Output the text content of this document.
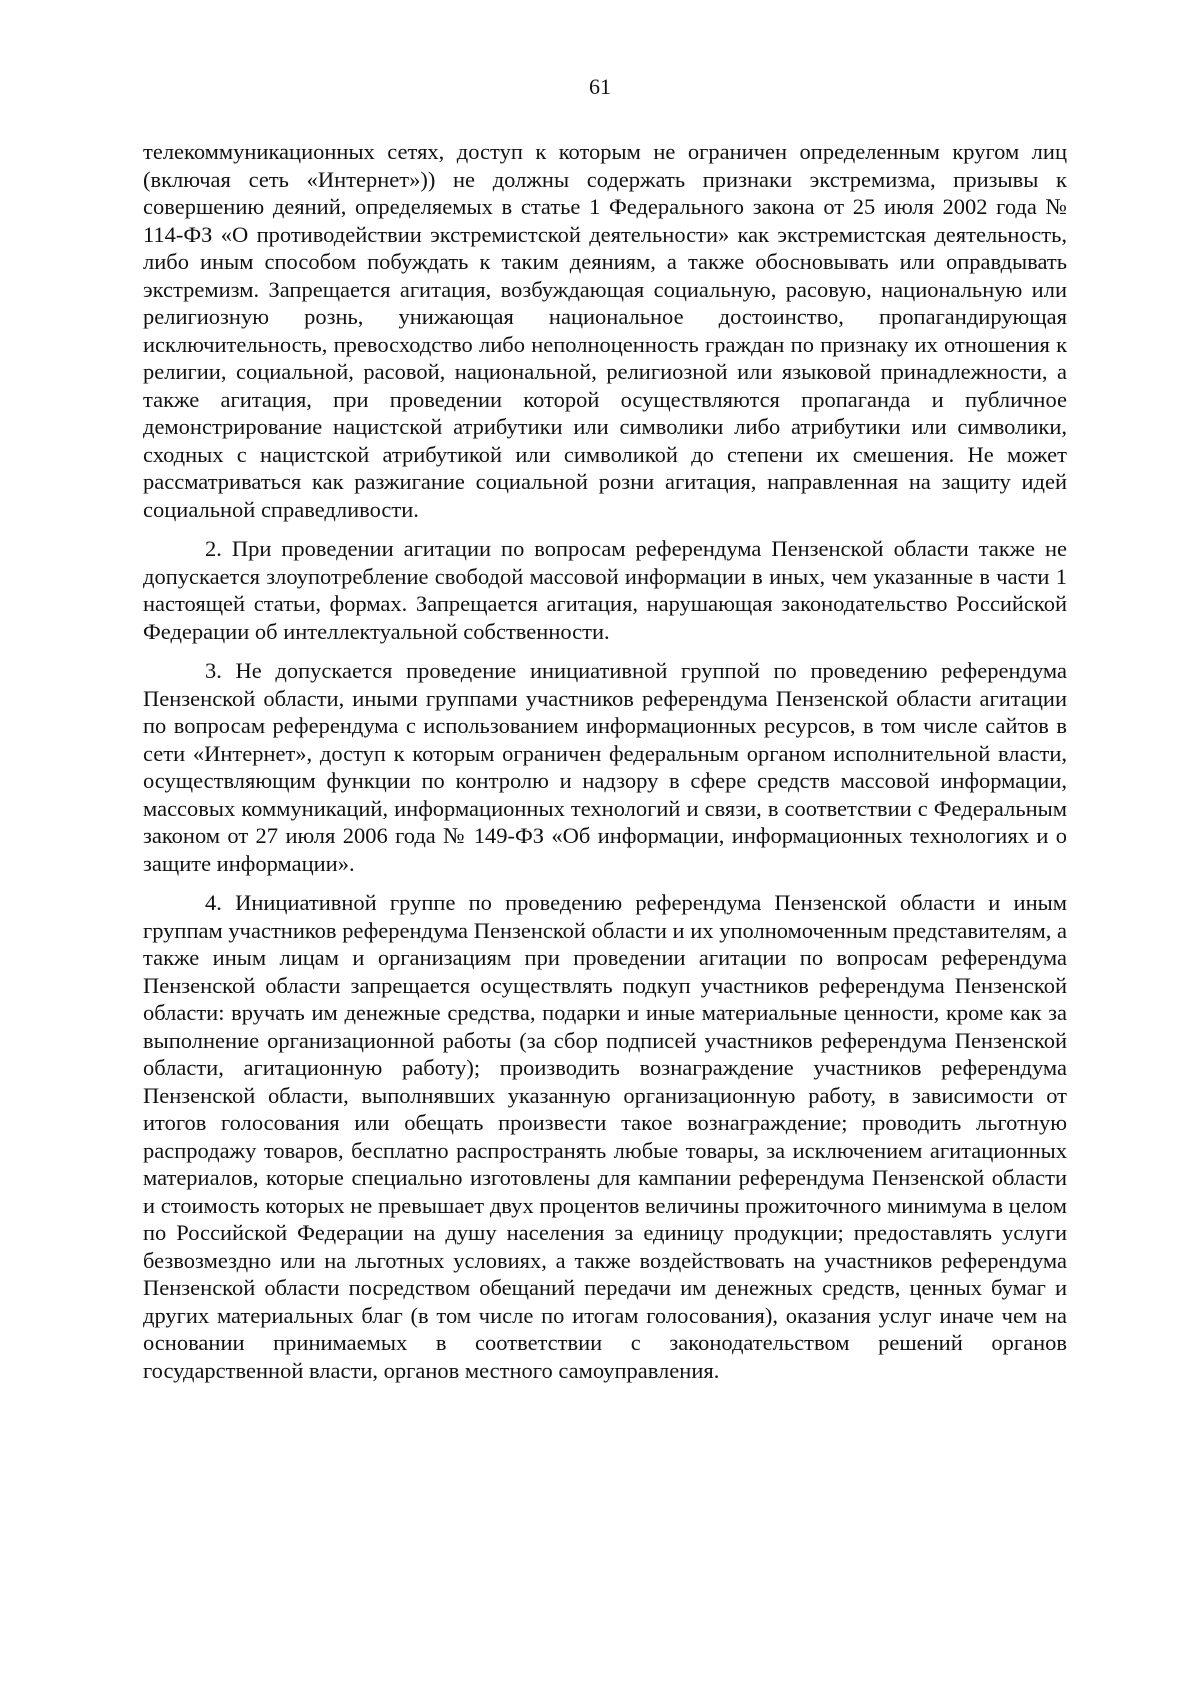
61

телекоммуникационных сетях, доступ к которым не ограничен определенным кругом лиц (включая сеть «Интернет»)) не должны содержать признаки экстремизма, призывы к совершению деяний, определяемых в статье 1 Федерального закона от 25 июля 2002 года № 114-ФЗ «О противодействии экстремистской деятельности» как экстремистская деятельность, либо иным способом побуждать к таким деяниям, а также обосновывать или оправдывать экстремизм. Запрещается агитация, возбуждающая социальную, расовую, национальную или религиозную рознь, унижающая национальное достоинство, пропагандирующая исключительность, превосходство либо неполноценность граждан по признаку их отношения к религии, социальной, расовой, национальной, религиозной или языковой принадлежности, а также агитация, при проведении которой осуществляются пропаганда и публичное демонстрирование нацистской атрибутики или символики либо атрибутики или символики, сходных с нацистской атрибутикой или символикой до степени их смешения. Не может рассматриваться как разжигание социальной розни агитация, направленная на защиту идей социальной справедливости.

2. При проведении агитации по вопросам референдума Пензенской области также не допускается злоупотребление свободой массовой информации в иных, чем указанные в части 1 настоящей статьи, формах. Запрещается агитация, нарушающая законодательство Российской Федерации об интеллектуальной собственности.

3. Не допускается проведение инициативной группой по проведению референдума Пензенской области, иными группами участников референдума Пензенской области агитации по вопросам референдума с использованием информационных ресурсов, в том числе сайтов в сети «Интернет», доступ к которым ограничен федеральным органом исполнительной власти, осуществляющим функции по контролю и надзору в сфере средств массовой информации, массовых коммуникаций, информационных технологий и связи, в соответствии с Федеральным законом от 27 июля 2006 года № 149-ФЗ «Об информации, информационных технологиях и о защите информации».

4. Инициативной группе по проведению референдума Пензенской области и иным группам участников референдума Пензенской области и их уполномоченным представителям, а также иным лицам и организациям при проведении агитации по вопросам референдума Пензенской области запрещается осуществлять подкуп участников референдума Пензенской области: вручать им денежные средства, подарки и иные материальные ценности, кроме как за выполнение организационной работы (за сбор подписей участников референдума Пензенской области, агитационную работу); производить вознаграждение участников референдума Пензенской области, выполнявших указанную организационную работу, в зависимости от итогов голосования или обещать произвести такое вознаграждение; проводить льготную распродажу товаров, бесплатно распространять любые товары, за исключением агитационных материалов, которые специально изготовлены для кампании референдума Пензенской области и стоимость которых не превышает двух процентов величины прожиточного минимума в целом по Российской Федерации на душу населения за единицу продукции; предоставлять услуги безвозмездно или на льготных условиях, а также воздействовать на участников референдума Пензенской области посредством обещаний передачи им денежных средств, ценных бумаг и других материальных благ (в том числе по итогам голосования), оказания услуг иначе чем на основании принимаемых в соответствии с законодательством решений органов государственной власти, органов местного самоуправления.
